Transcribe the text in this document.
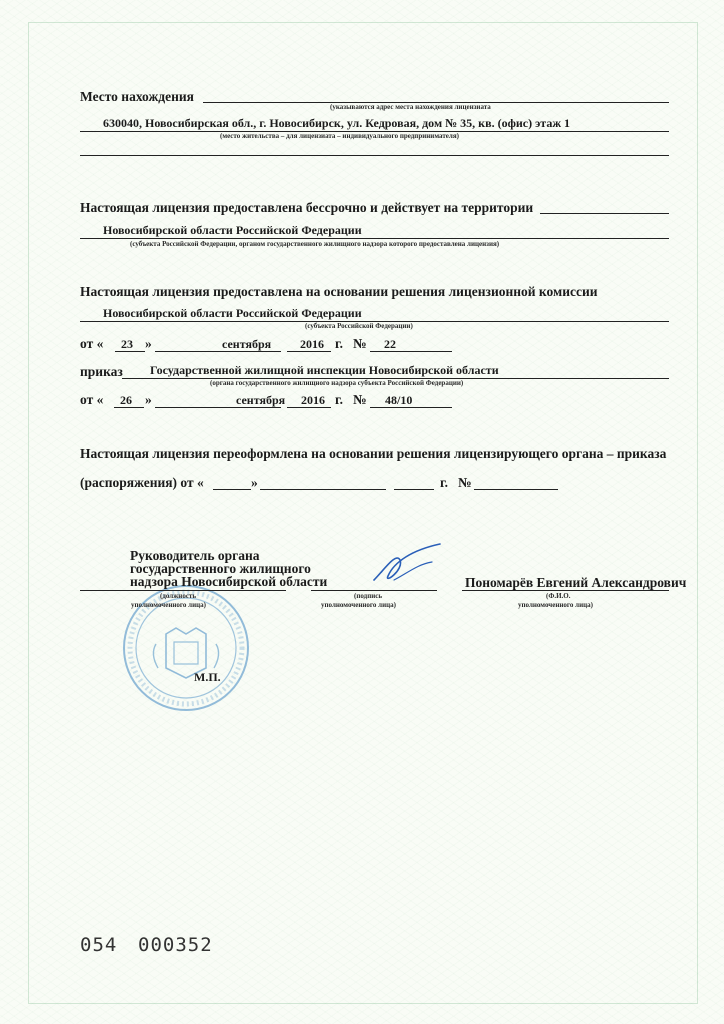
Место нахождения
(указываются адрес места нахождения лицензиата
630040, Новосибирская обл., г. Новосибирск, ул. Кедровая, дом № 35, кв. (офис) этаж 1
(место жительства – для лицензиата – индивидуального предпринимателя)
Настоящая лицензия предоставлена бессрочно и действует на территории
Новосибирской области Российской Федерации
(субъекта Российской Федерации, органом государственного жилищного надзора которого предоставлена лицензия)
Настоящая лицензия предоставлена на основании решения лицензионной комиссии
Новосибирской области Российской Федерации
(субъекта Российской Федерации)
от « 23 »	сентября 2016 г. № 22
приказ Государственной жилищной инспекции Новосибирской области
(органа государственного жилищного надзора субъекта Российской Федерации)
от « 26 »	сентября 2016 г. № 48/10
Настоящая лицензия переоформлена на основании решения лицензирующего органа – приказа
(распоряжения) от «	»	г. №
Руководитель органа
государственного жилищного
надзора Новосибирской области
(должность
уполномоченного лица)
(подпись
уполномоченного лица)
Пономарёв Евгений Александрович
(Ф.И.О.
уполномоченного лица)
М.П.
054 000352
